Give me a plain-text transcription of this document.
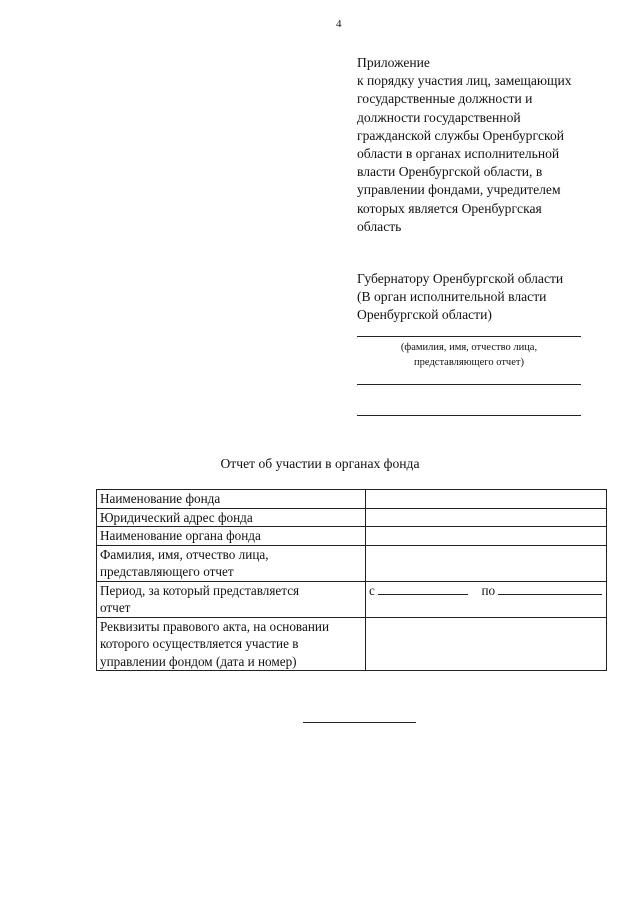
4
Приложение
к порядку участия лиц, замещающих
государственные должности и
должности государственной
гражданской службы Оренбургской
области в органах исполнительной
власти Оренбургской области, в
управлении фондами, учредителем
которых является Оренбургская
область
Губернатору Оренбургской области
(В орган исполнительной власти
Оренбургской области)
(фамилия, имя, отчество лица,
представляющего отчет)
Отчет об участии в органах фонда
Наименование фонда	

Юридический адрес фонда	

Наименование органа фонда	

Фамилия, имя, отчество лица,
представляющего отчет	

Период, за который представляется
отчет	с по

Реквизиты правового акта, на основании
которого осуществляется участие в
управлении фондом (дата и номер)	
